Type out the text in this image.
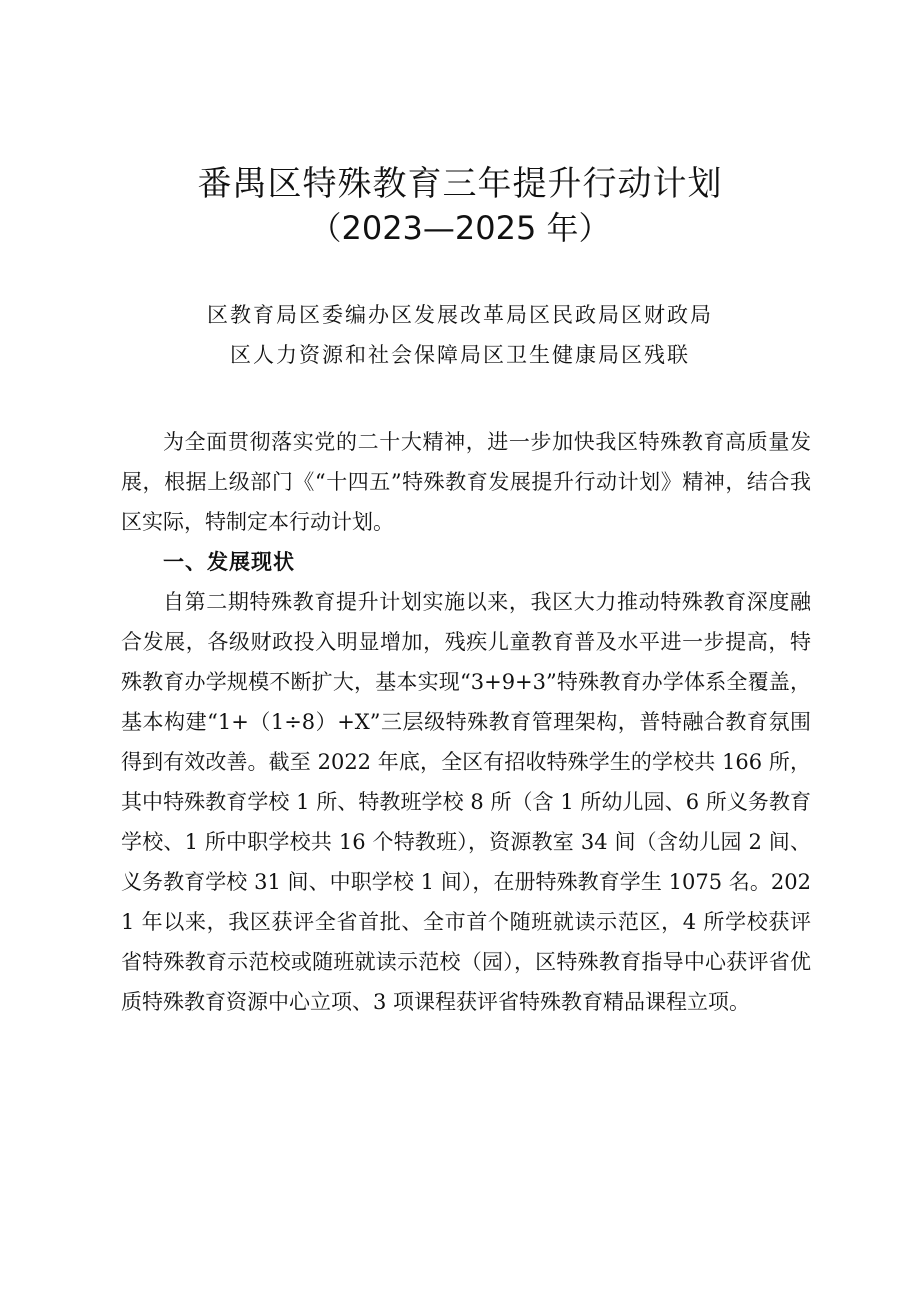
番禺区特殊教育三年提升行动计划
（2023—2025 年）
区教育局区委编办区发展改革局区民政局区财政局
区人力资源和社会保障局区卫生健康局区残联

为全面贯彻落实党的二十大精神，进一步加快我区特殊教育高质量发展，根据上级部门《“十四五”特殊教育发展提升行动计划》精神，结合我区实际，特制定本行动计划。

一、发展现状

自第二期特殊教育提升计划实施以来，我区大力推动特殊教育深度融合发展，各级财政投入明显增加，残疾儿童教育普及水平进一步提高，特殊教育办学规模不断扩大，基本实现“3+9+3”特殊教育办学体系全覆盖，基本构建“1+（1÷8）+X”三层级特殊教育管理架构，普特融合教育氛围得到有效改善。截至 2022 年底，全区有招收特殊学生的学校共 166 所，其中特殊教育学校 1 所、特教班学校 8 所（含 1 所幼儿园、6 所义务教育学校、1 所中职学校共 16 个特教班），资源教室 34 间（含幼儿园 2 间、义务教育学校 31 间、中职学校 1 间），在册特殊教育学生 1075 名。2021 年以来，我区获评全省首批、全市首个随班就读示范区，4 所学校获评省特殊教育示范校或随班就读示范校（园），区特殊教育指导中心获评省优质特殊教育资源中心立项、3 项课程获评省特殊教育精品课程立项。
